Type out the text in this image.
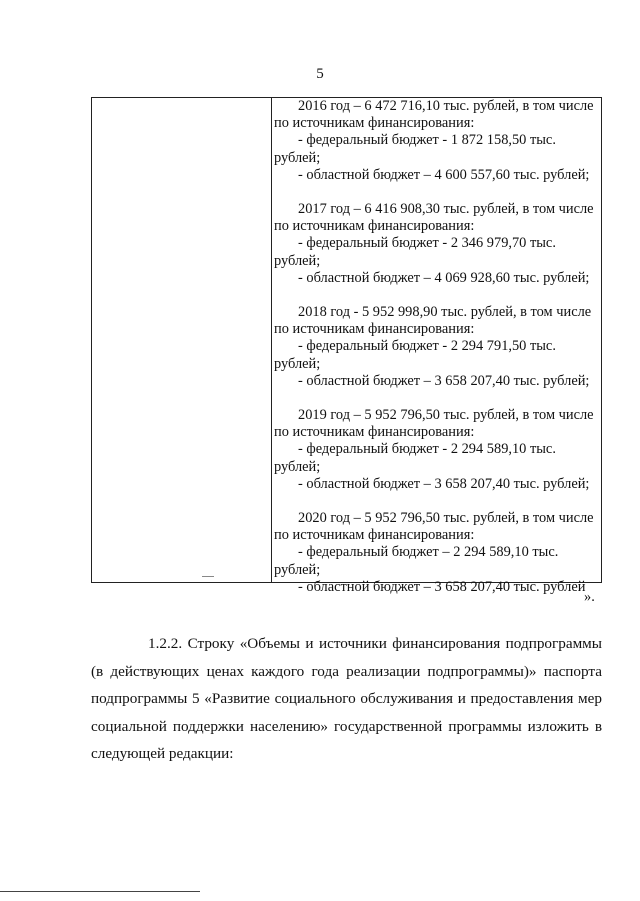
5
2016 год – 6 472 716,10 тыс. рублей, в том числе
по источникам финансирования:

- федеральный бюджет - 1 872 158,50 тыс.
рублей;
- областной бюджет – 4 600 557,60 тыс. рублей;
2017 год – 6 416 908,30 тыс. рублей, в том числе
по источникам финансирования:

- федеральный бюджет - 2 346 979,70 тыс.
рублей;
- областной бюджет – 4 069 928,60 тыс. рублей;
2018 год - 5 952 998,90 тыс. рублей, в том числе
по источникам финансирования:

- федеральный бюджет - 2 294 791,50 тыс.
рублей;
- областной бюджет – 3 658 207,40 тыс. рублей;
2019 год – 5 952 796,50 тыс. рублей, в том числе
по источникам финансирования:

- федеральный бюджет - 2 294 589,10 тыс.
рублей;
- областной бюджет – 3 658 207,40 тыс. рублей;
2020 год – 5 952 796,50 тыс. рублей, в том числе
по источникам финансирования:

- федеральный бюджет – 2 294 589,10 тыс.
рублей;
- областной бюджет – 3 658 207,40 тыс. рублей
».
1.2.2. Строку «Объемы и источники финансирования подпрограммы (в действующих ценах каждого года реализации подпрограммы)» паспорта подпрограммы 5 «Развитие социального обслуживания и предоставления мер социальной поддержки населению» государственной программы изложить в следующей редакции:
